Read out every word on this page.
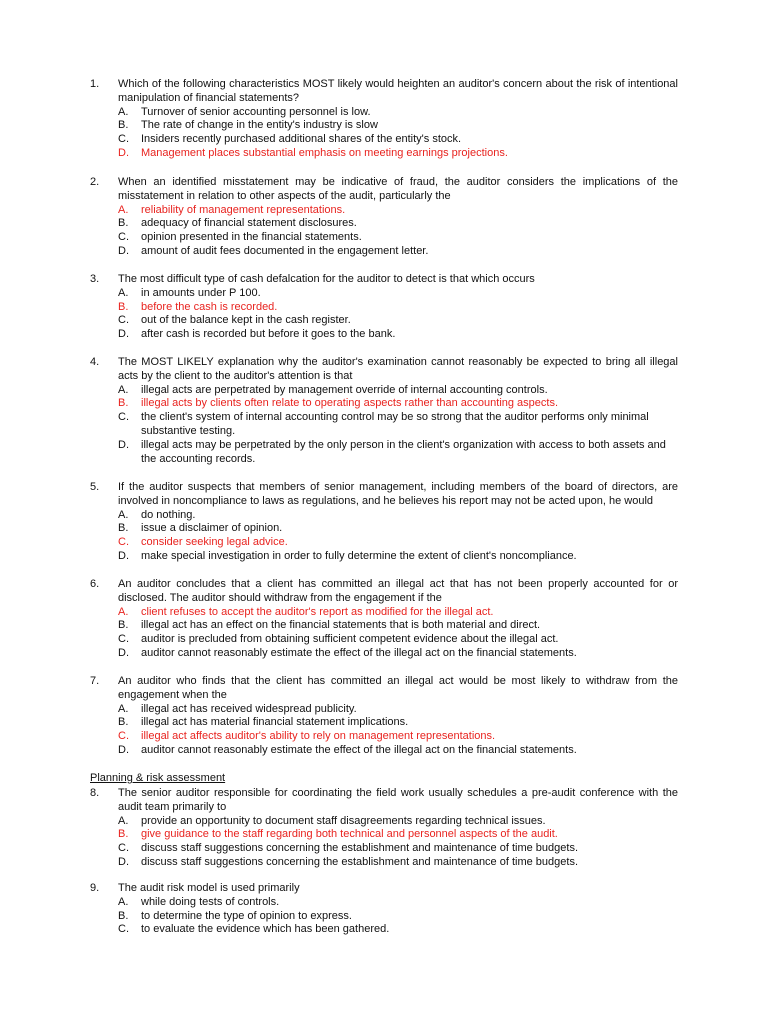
1. Which of the following characteristics MOST likely would heighten an auditor's concern about the risk of intentional manipulation of financial statements?
A. Turnover of senior accounting personnel is low.
B. The rate of change in the entity's industry is slow
C. Insiders recently purchased additional shares of the entity's stock.
D. Management places substantial emphasis on meeting earnings projections.
2. When an identified misstatement may be indicative of fraud, the auditor considers the implications of the misstatement in relation to other aspects of the audit, particularly the
A. reliability of management representations.
B. adequacy of financial statement disclosures.
C. opinion presented in the financial statements.
D. amount of audit fees documented in the engagement letter.
3. The most difficult type of cash defalcation for the auditor to detect is that which occurs
A. in amounts under P 100.
B. before the cash is recorded.
C. out of the balance kept in the cash register.
D. after cash is recorded but before it goes to the bank.
4. The MOST LIKELY explanation why the auditor's examination cannot reasonably be expected to bring all illegal acts by the client to the auditor's attention is that
A. illegal acts are perpetrated by management override of internal accounting controls.
B. illegal acts by clients often relate to operating aspects rather than accounting aspects.
C. the client's system of internal accounting control may be so strong that the auditor performs only minimal substantive testing.
D. illegal acts may be perpetrated by the only person in the client's organization with access to both assets and the accounting records.
5. If the auditor suspects that members of senior management, including members of the board of directors, are involved in noncompliance to laws as regulations, and he believes his report may not be acted upon, he would
A. do nothing.
B. issue a disclaimer of opinion.
C. consider seeking legal advice.
D. make special investigation in order to fully determine the extent of client's noncompliance.
6. An auditor concludes that a client has committed an illegal act that has not been properly accounted for or disclosed. The auditor should withdraw from the engagement if the
A. client refuses to accept the auditor's report as modified for the illegal act.
B. illegal act has an effect on the financial statements that is both material and direct.
C. auditor is precluded from obtaining sufficient competent evidence about the illegal act.
D. auditor cannot reasonably estimate the effect of the illegal act on the financial statements.
7. An auditor who finds that the client has committed an illegal act would be most likely to withdraw from the engagement when the
A. illegal act has received widespread publicity.
B. illegal act has material financial statement implications.
C. illegal act affects auditor's ability to rely on management representations.
D. auditor cannot reasonably estimate the effect of the illegal act on the financial statements.
Planning & risk assessment
8. The senior auditor responsible for coordinating the field work usually schedules a pre-audit conference with the audit team primarily to
A. provide an opportunity to document staff disagreements regarding technical issues.
B. give guidance to the staff regarding both technical and personnel aspects of the audit.
C. discuss staff suggestions concerning the establishment and maintenance of time budgets.
D. discuss staff suggestions concerning the establishment and maintenance of time budgets.
9. The audit risk model is used primarily
A. while doing tests of controls.
B. to determine the type of opinion to express.
C. to evaluate the evidence which has been gathered.
